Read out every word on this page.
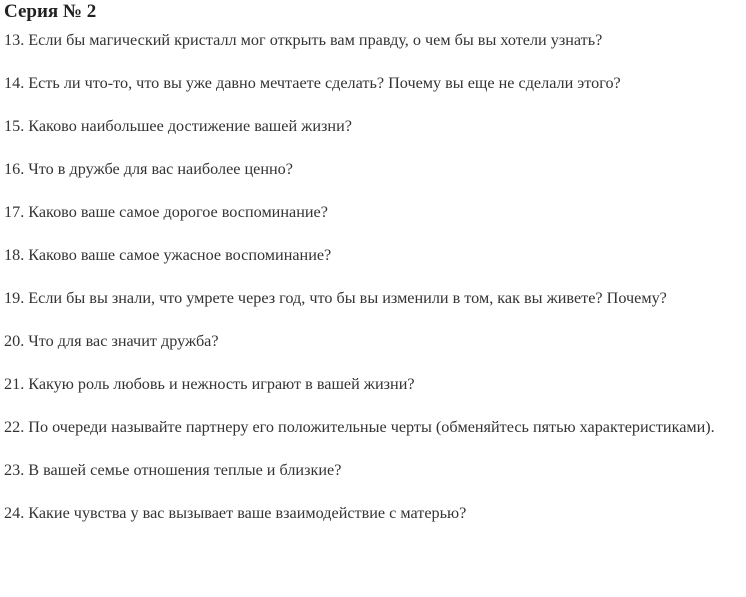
Серия № 2

13. Если бы магический кристалл мог открыть вам правду, о чем бы вы хотели узнать?

14. Есть ли что-то, что вы уже давно мечтаете сделать? Почему вы еще не сделали этого?

15. Каково наибольшее достижение вашей жизни?

16. Что в дружбе для вас наиболее ценно?

17. Каково ваше самое дорогое воспоминание?

18. Каково ваше самое ужасное воспоминание?

19. Если бы вы знали, что умрете через год, что бы вы изменили в том, как вы живете? Почему?

20. Что для вас значит дружба?

21. Какую роль любовь и нежность играют в вашей жизни?

22. По очереди называйте партнеру его положительные черты (обменяйтесь пятью характеристиками).

23. В вашей семье отношения теплые и близкие?

24. Какие чувства у вас вызывает ваше взаимодействие с матерью?
